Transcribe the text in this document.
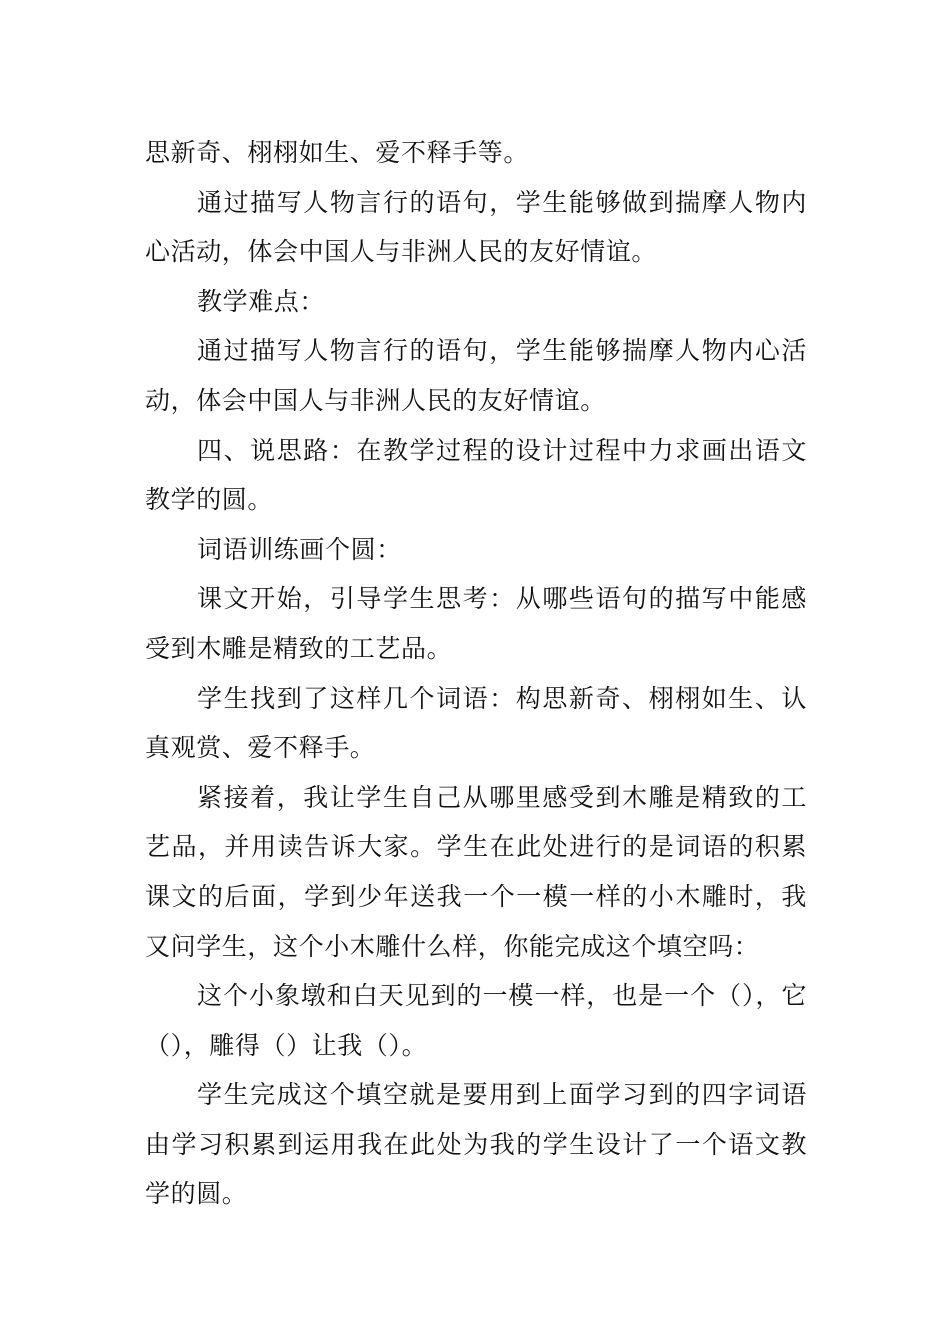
思新奇、栩栩如生、爱不释手等。

通过描写人物言行的语句，学生能够做到揣摩人物内心活动，体会中国人与非洲人民的友好情谊。

教学难点：

通过描写人物言行的语句，学生能够揣摩人物内心活动，体会中国人与非洲人民的友好情谊。

四、说思路：在教学过程的设计过程中力求画出语文教学的圆。

词语训练画个圆：

课文开始，引导学生思考：从哪些语句的描写中能感受到木雕是精致的工艺品。

学生找到了这样几个词语：构思新奇、栩栩如生、认真观赏、爱不释手。

紧接着，我让学生自己从哪里感受到木雕是精致的工艺品，并用读告诉大家。学生在此处进行的是词语的积累课文的后面，学到少年送我一个一模一样的小木雕时，我又问学生，这个小木雕什么样，你能完成这个填空吗：

这个小象墩和白天见到的一模一样，也是一个（），它（），雕得（）让我（）。

学生完成这个填空就是要用到上面学习到的四字词语由学习积累到运用我在此处为我的学生设计了一个语文教学的圆。
